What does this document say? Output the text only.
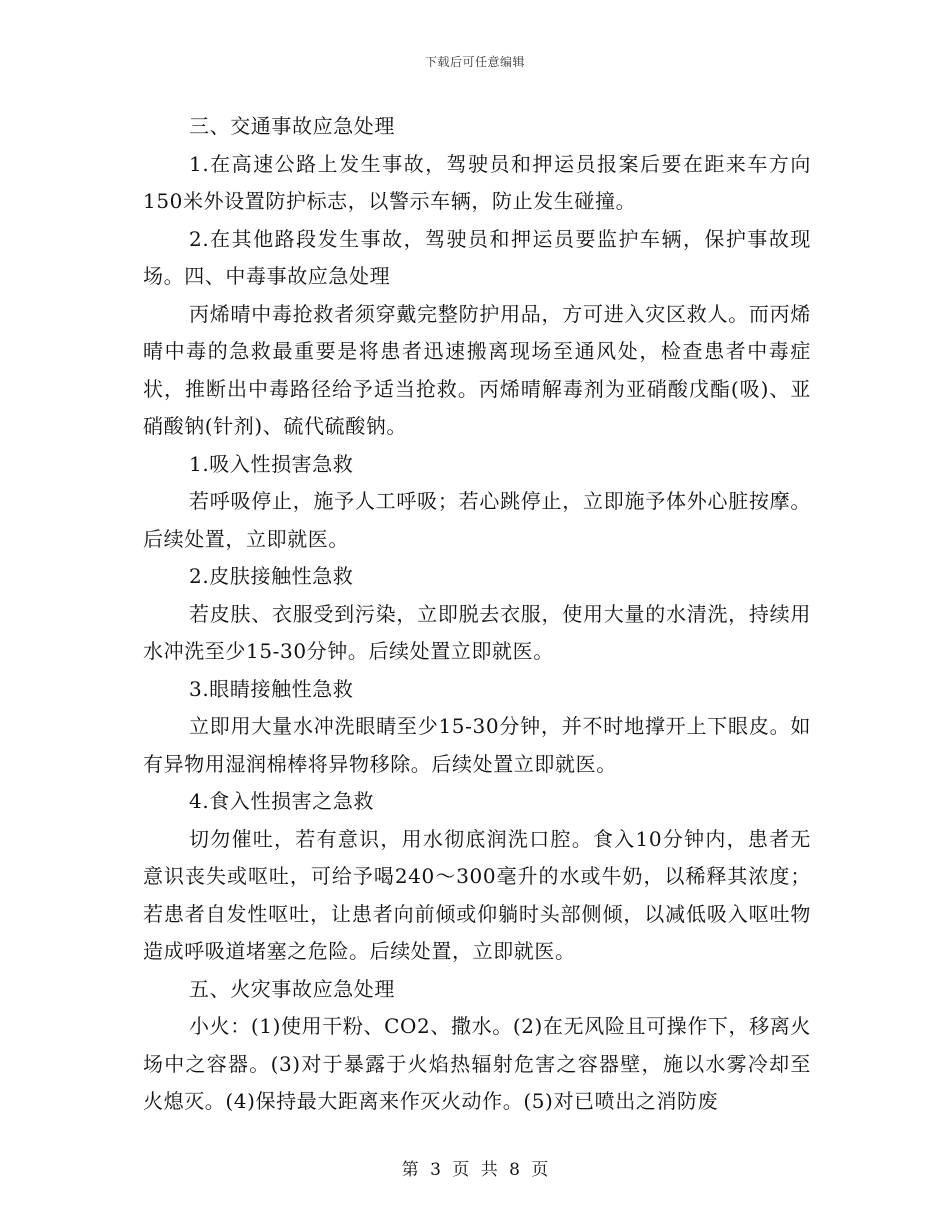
下载后可任意编辑

三、交通事故应急处理

1.在高速公路上发生事故，驾驶员和押运员报案后要在距来车方向150米外设置防护标志，以警示车辆，防止发生碰撞。

2.在其他路段发生事故，驾驶员和押运员要监护车辆，保护事故现场。四、中毒事故应急处理

丙烯晴中毒抢救者须穿戴完整防护用品，方可进入灾区救人。而丙烯晴中毒的急救最重要是将患者迅速搬离现场至通风处，检查患者中毒症状，推断出中毒路径给予适当抢救。丙烯晴解毒剂为亚硝酸戊酯(吸)、亚硝酸钠(针剂)、硫代硫酸钠。

1.吸入性损害急救

若呼吸停止，施予人工呼吸；若心跳停止，立即施予体外心脏按摩。后续处置，立即就医。

2.皮肤接触性急救

若皮肤、衣服受到污染，立即脱去衣服，使用大量的水清洗，持续用水冲洗至少15-30分钟。后续处置立即就医。

3.眼睛接触性急救

立即用大量水冲洗眼睛至少15-30分钟，并不时地撑开上下眼皮。如有异物用湿润棉棒将异物移除。后续处置立即就医。

4.食入性损害之急救

切勿催吐，若有意识，用水彻底润洗口腔。食入10分钟内，患者无意识丧失或呕吐，可给予喝240～300毫升的水或牛奶，以稀释其浓度；若患者自发性呕吐，让患者向前倾或仰躺时头部侧倾，以减低吸入呕吐物造成呼吸道堵塞之危险。后续处置，立即就医。

五、火灾事故应急处理

小火：(1)使用干粉、CO2、撒水。(2)在无风险且可操作下，移离火场中之容器。(3)对于暴露于火焰热辐射危害之容器壁，施以水雾冷却至火熄灭。(4)保持最大距离来作灭火动作。(5)对已喷出之消防废

第 3 页 共 8 页
